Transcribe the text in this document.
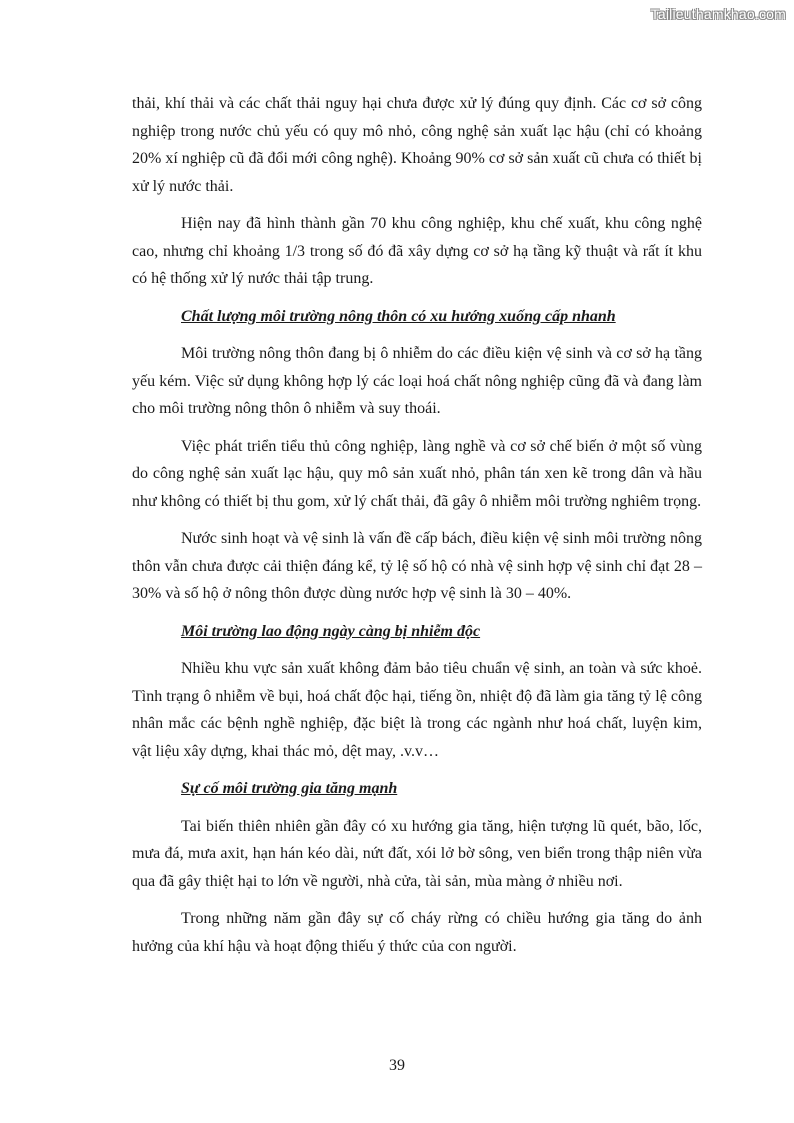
Tailieuthamkhao.com

thải, khí thải và các chất thải nguy hại chưa được xử lý đúng quy định. Các cơ sở công nghiệp trong nước chủ yếu có quy mô nhỏ, công nghệ sản xuất lạc hậu (chỉ có khoảng 20% xí nghiệp cũ đã đổi mới công nghệ). Khoảng 90% cơ sở sản xuất cũ chưa có thiết bị xử lý nước thải.

Hiện nay đã hình thành gần 70 khu công nghiệp, khu chế xuất, khu công nghệ cao, nhưng chỉ khoảng 1/3 trong số đó đã xây dựng cơ sở hạ tầng kỹ thuật và rất ít khu có hệ thống xử lý nước thải tập trung.

Chất lượng môi trường nông thôn có xu hướng xuống cấp nhanh

Môi trường nông thôn đang bị ô nhiễm do các điều kiện vệ sinh và cơ sở hạ tầng yếu kém. Việc sử dụng không hợp lý các loại hoá chất nông nghiệp cũng đã và đang làm cho môi trường nông thôn ô nhiễm và suy thoái.

Việc phát triển tiểu thủ công nghiệp, làng nghề và cơ sở chế biến ở một số vùng do công nghệ sản xuất lạc hậu, quy mô sản xuất nhỏ, phân tán xen kẽ trong dân và hầu như không có thiết bị thu gom, xử lý chất thải, đã gây ô nhiễm môi trường nghiêm trọng.

Nước sinh hoạt và vệ sinh là vấn đề cấp bách, điều kiện vệ sinh môi trường nông thôn vẫn chưa được cải thiện đáng kể, tỷ lệ số hộ có nhà vệ sinh hợp vệ sinh chỉ đạt 28 – 30% và số hộ ở nông thôn được dùng nước hợp vệ sinh là 30 – 40%.

Môi trường lao động ngày càng bị nhiễm độc

Nhiều khu vực sản xuất không đảm bảo tiêu chuẩn vệ sinh, an toàn và sức khoẻ. Tình trạng ô nhiễm về bụi, hoá chất độc hại, tiếng ồn, nhiệt độ đã làm gia tăng tỷ lệ công nhân mắc các bệnh nghề nghiệp, đặc biệt là trong các ngành như hoá chất, luyện kim, vật liệu xây dựng, khai thác mỏ, dệt may, .v.v…

Sự cố môi trường gia tăng mạnh

Tai biến thiên nhiên gần đây có xu hướng gia tăng, hiện tượng lũ quét, bão, lốc, mưa đá, mưa axit, hạn hán kéo dài, nứt đất, xói lở bờ sông, ven biển trong thập niên vừa qua đã gây thiệt hại to lớn về người, nhà cửa, tài sản, mùa màng ở nhiều nơi.

Trong những năm gần đây sự cố cháy rừng có chiều hướng gia tăng do ảnh hưởng của khí hậu và hoạt động thiếu ý thức của con người.

39
